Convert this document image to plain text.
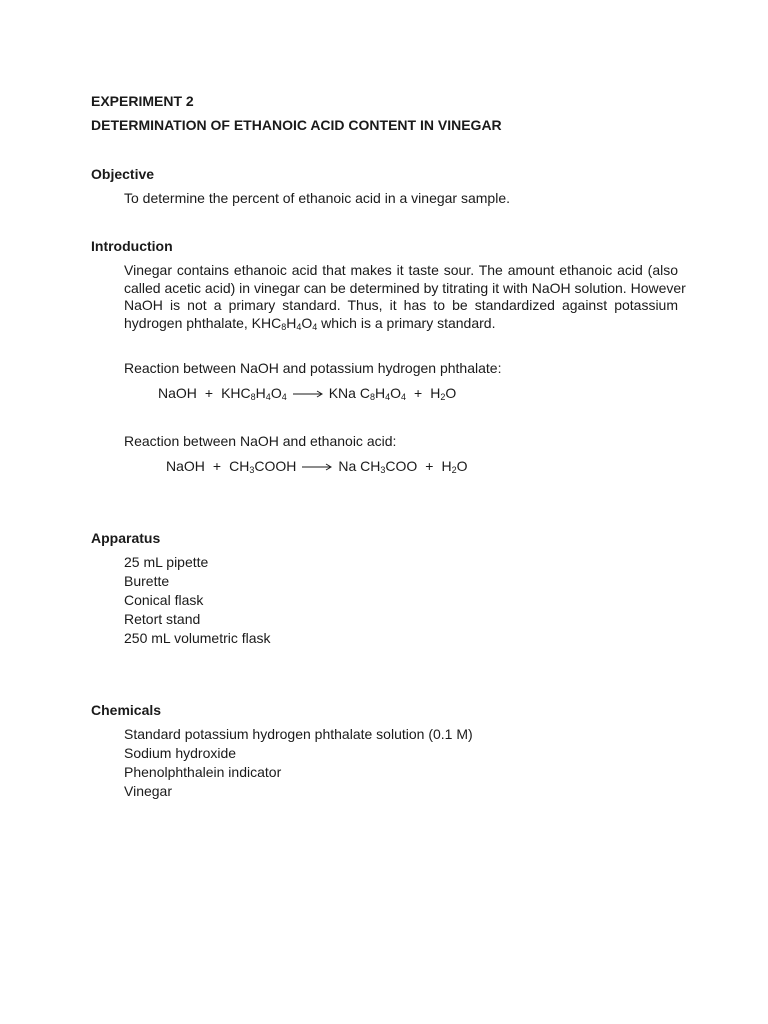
EXPERIMENT 2
DETERMINATION OF ETHANOIC ACID CONTENT IN VINEGAR
Objective
To determine the percent of ethanoic acid in a vinegar sample.
Introduction
Vinegar contains ethanoic acid that makes it taste sour. The amount ethanoic acid (also
called acetic acid) in vinegar can be determined by titrating it with NaOH solution. However
NaOH is not a primary standard. Thus, it has to be standardized against potassium
hydrogen phthalate, $KHC_8H_4O_4$ which is a primary standard.
Reaction between NaOH and potassium hydrogen phthalate:
NaOH + $KHC_8H_4O_4$	KNa $C_8H_4O_4 + H_2O$
Reaction between NaOH and ethanoic acid:
NaOH + $CH_3COOH$	Na $CH_3COO + H_2O$
Apparatus
25 mL pipette
Burette
Conical flask
Retort stand
250 mL volumetric flask
Chemicals
Standard potassium hydrogen phthalate solution (0.1 M)
Sodium hydroxide
Phenolphthalein indicator
Vinegar
